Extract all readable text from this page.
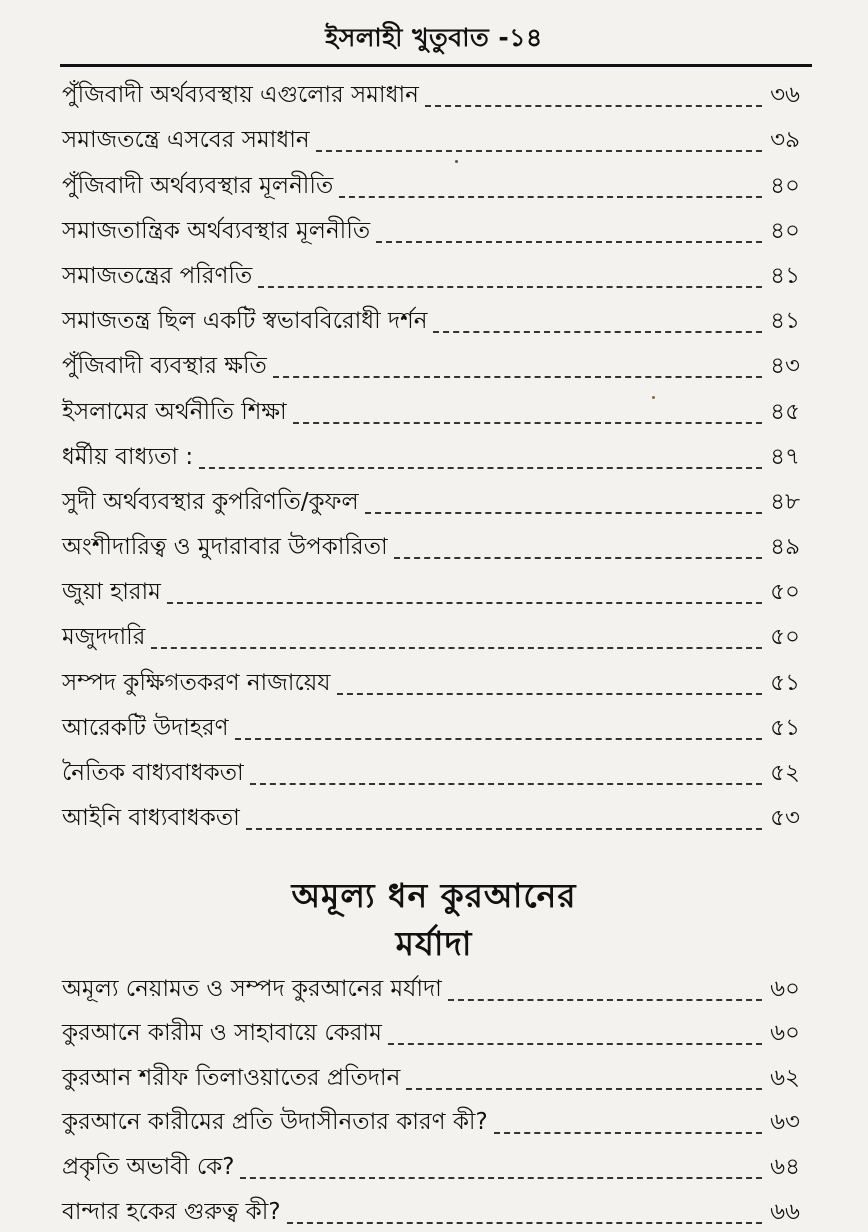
ইসলাহী খুতুবাত -১৪
পুঁজিবাদী অর্থব্যবস্থায় এগুলোর সমাধান	৩৬
সমাজতন্ত্রে এসবের সমাধান	৩৯
পুঁজিবাদী অর্থব্যবস্থার মূলনীতি	৪০
সমাজতান্ত্রিক অর্থব্যবস্থার মূলনীতি	৪০
সমাজতন্ত্রের পরিণতি	৪১
সমাজতন্ত্র ছিল একটি স্বভাববিরোধী দর্শন	৪১
পুঁজিবাদী ব্যবস্থার ক্ষতি	৪৩
ইসলামের অর্থনীতি শিক্ষা	৪৫
ধর্মীয় বাধ্যতা :	৪৭
সুদী অর্থব্যবস্থার কুপরিণতি/কুফল	৪৮
অংশীদারিত্ব ও মুদারাবার উপকারিতা	৪৯
জুয়া হারাম	৫০
মজুদদারি	৫০
সম্পদ কুক্ষিগতকরণ নাজায়েয	৫১
আরেকটি উদাহরণ	৫১
নৈতিক বাধ্যবাধকতা	৫২
আইনি বাধ্যবাধকতা	৫৩
অমূল্য ধন কুরআনের
মর্যাদা
অমূল্য নেয়ামত ও সম্পদ কুরআনের মর্যাদা	৬০
কুরআনে কারীম ও সাহাবায়ে কেরাম	৬০
কুরআন শরীফ তিলাওয়াতের প্রতিদান	৬২
কুরআনে কারীমের প্রতি উদাসীনতার কারণ কী?	৬৩
প্রকৃতি অভাবী কে?	৬৪
বান্দার হকের গুরুত্ব কী?	৬৬
